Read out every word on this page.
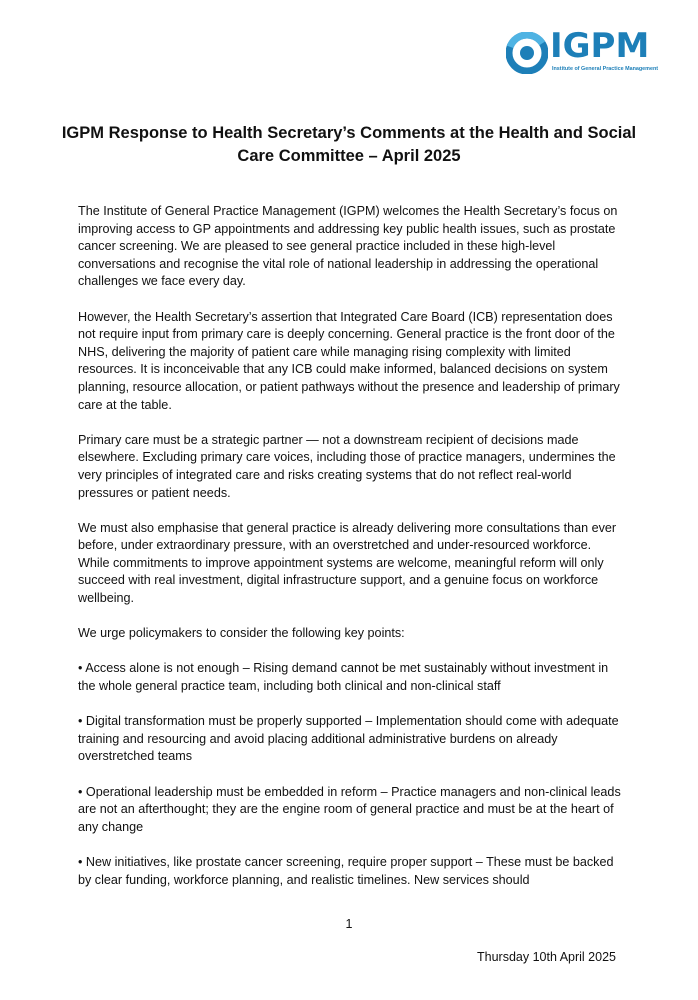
IGPM
Institute of General Practice Management
IGPM Response to Health Secretary’s Comments at the Health and Social Care Committee – April 2025

The Institute of General Practice Management (IGPM) welcomes the Health Secretary’s focus on improving access to GP appointments and addressing key public health issues, such as prostate cancer screening. We are pleased to see general practice included in these high-level conversations and recognise the vital role of national leadership in addressing the operational challenges we face every day.

However, the Health Secretary’s assertion that Integrated Care Board (ICB) representation does not require input from primary care is deeply concerning. General practice is the front door of the NHS, delivering the majority of patient care while managing rising complexity with limited resources. It is inconceivable that any ICB could make informed, balanced decisions on system planning, resource allocation, or patient pathways without the presence and leadership of primary care at the table.

Primary care must be a strategic partner — not a downstream recipient of decisions made elsewhere. Excluding primary care voices, including those of practice managers, undermines the very principles of integrated care and risks creating systems that do not reflect real-world pressures or patient needs.

We must also emphasise that general practice is already delivering more consultations than ever before, under extraordinary pressure, with an overstretched and under-resourced workforce. While commitments to improve appointment systems are welcome, meaningful reform will only succeed with real investment, digital infrastructure support, and a genuine focus on workforce wellbeing.

We urge policymakers to consider the following key points:

• Access alone is not enough – Rising demand cannot be met sustainably without investment in the whole general practice team, including both clinical and non-clinical staff

• Digital transformation must be properly supported – Implementation should come with adequate training and resourcing and avoid placing additional administrative burdens on already overstretched teams

• Operational leadership must be embedded in reform – Practice managers and non-clinical leads are not an afterthought; they are the engine room of general practice and must be at the heart of any change

• New initiatives, like prostate cancer screening, require proper support – These must be backed by clear funding, workforce planning, and realistic timelines. New services should

1
Thursday 10th April 2025
